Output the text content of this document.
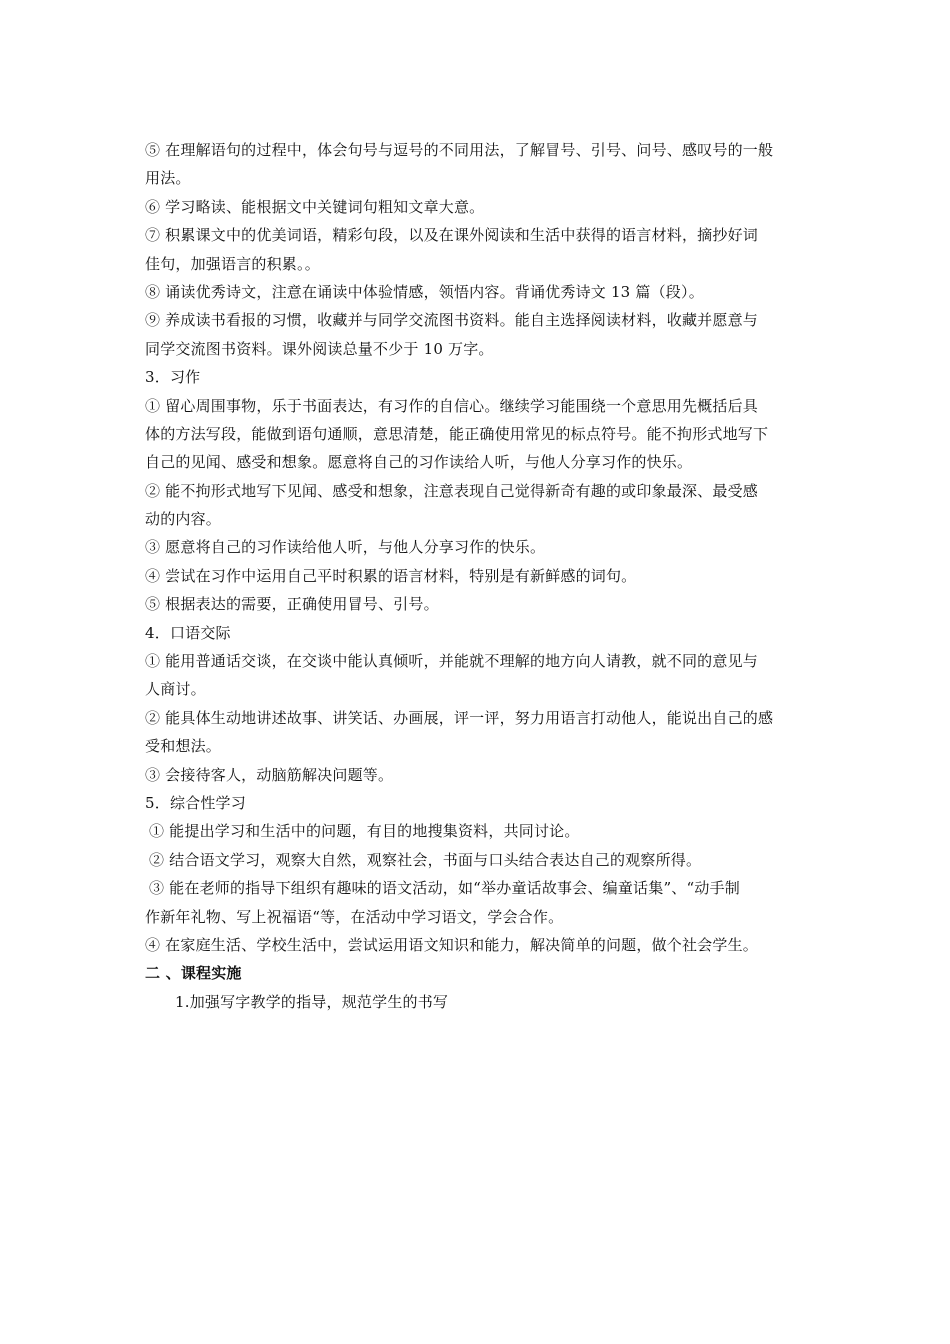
⑤ 在理解语句的过程中，体会句号与逗号的不同用法，了解冒号、引号、问号、感叹号的一般
用法。
⑥ 学习略读、能根据文中关键词句粗知文章大意。
⑦ 积累课文中的优美词语，精彩句段，以及在课外阅读和生活中获得的语言材料，摘抄好词
佳句，加强语言的积累。。
⑧ 诵读优秀诗文，注意在诵读中体验情感，领悟内容。背诵优秀诗文 13 篇（段）。
⑨ 养成读书看报的习惯，收藏并与同学交流图书资料。能自主选择阅读材料，收藏并愿意与
同学交流图书资料。课外阅读总量不少于 10 万字。
3．习作
① 留心周围事物，乐于书面表达，有习作的自信心。继续学习能围绕一个意思用先概括后具
体的方法写段，能做到语句通顺，意思清楚，能正确使用常见的标点符号。能不拘形式地写下
自己的见闻、感受和想象。愿意将自己的习作读给人听，与他人分享习作的快乐。
② 能不拘形式地写下见闻、感受和想象，注意表现自己觉得新奇有趣的或印象最深、最受感
动的内容。
③ 愿意将自己的习作读给他人听，与他人分享习作的快乐。
④ 尝试在习作中运用自己平时积累的语言材料，特别是有新鲜感的词句。
⑤ 根据表达的需要，正确使用冒号、引号。
4．口语交际
① 能用普通话交谈，在交谈中能认真倾听，并能就不理解的地方向人请教，就不同的意见与
人商讨。
② 能具体生动地讲述故事、讲笑话、办画展，评一评，努力用语言打动他人，能说出自己的感
受和想法。
③ 会接待客人，动脑筋解决问题等。
5．综合性学习
① 能提出学习和生活中的问题，有目的地搜集资料，共同讨论。
② 结合语文学习，观察大自然，观察社会，书面与口头结合表达自己的观察所得。
③ 能在老师的指导下组织有趣味的语文活动，如“举办童话故事会、编童话集”、“动手制
作新年礼物、写上祝福语“等，在活动中学习语文，学会合作。
④ 在家庭生活、学校生活中，尝试运用语文知识和能力，解决简单的问题，做个社会学生。
二 、课程实施
1.加强写字教学的指导，规范学生的书写
